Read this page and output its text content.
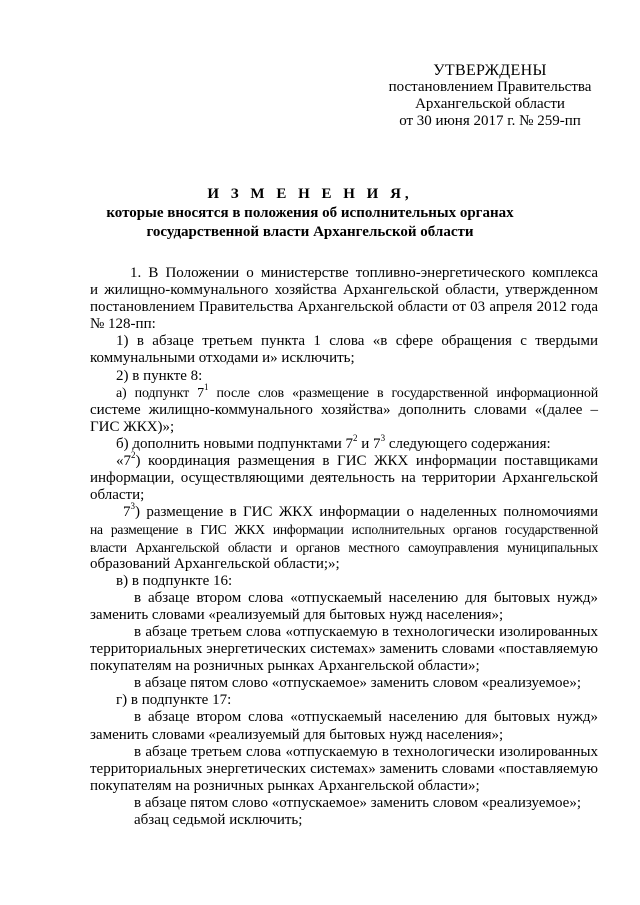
УТВЕРЖДЕНЫ
постановлением Правительства
Архангельской области
от 30 июня 2017 г. № 259-пп
И З М Е Н Е Н И Я,
которые вносятся в положения об исполнительных органах
государственной власти Архангельской области
1. В Положении о министерстве топливно-энергетического комплекса
и жилищно-коммунального хозяйства Архангельской области, утвержденном
постановлением Правительства Архангельской области от 03 апреля 2012 года
№ 128-пп:
1) в абзаце третьем пункта 1 слова «в сфере обращения с твердыми
коммунальными отходами и» исключить;
2) в пункте 8:
а) подпункт $7^1$ после слов «размещение в государственной информационной
системе жилищно-коммунального хозяйства» дополнить словами «(далее –
ГИС ЖКХ)»;
б) дополнить новыми подпунктами $7^2$ и $7^3$ следующего содержания:
«$7^2$) координация размещения в ГИС ЖКХ информации поставщиками
информации, осуществляющими деятельность на территории Архангельской
области;
$7^3$) размещение в ГИС ЖКХ информации о наделенных полномочиями
на размещение в ГИС ЖКХ информации исполнительных органов государственной
власти Архангельской области и органов местного самоуправления муниципальных
образований Архангельской области;»;
в) в подпункте 16:
в абзаце втором слова «отпускаемый населению для бытовых нужд»
заменить словами «реализуемый для бытовых нужд населения»;
в абзаце третьем слова «отпускаемую в технологически изолированных
территориальных энергетических системах» заменить словами «поставляемую
покупателям на розничных рынках Архангельской области»;
в абзаце пятом слово «отпускаемое» заменить словом «реализуемое»;
г) в подпункте 17:
в абзаце втором слова «отпускаемый населению для бытовых нужд»
заменить словами «реализуемый для бытовых нужд населения»;
в абзаце третьем слова «отпускаемую в технологически изолированных
территориальных энергетических системах» заменить словами «поставляемую
покупателям на розничных рынках Архангельской области»;
в абзаце пятом слово «отпускаемое» заменить словом «реализуемое»;
абзац седьмой исключить;
